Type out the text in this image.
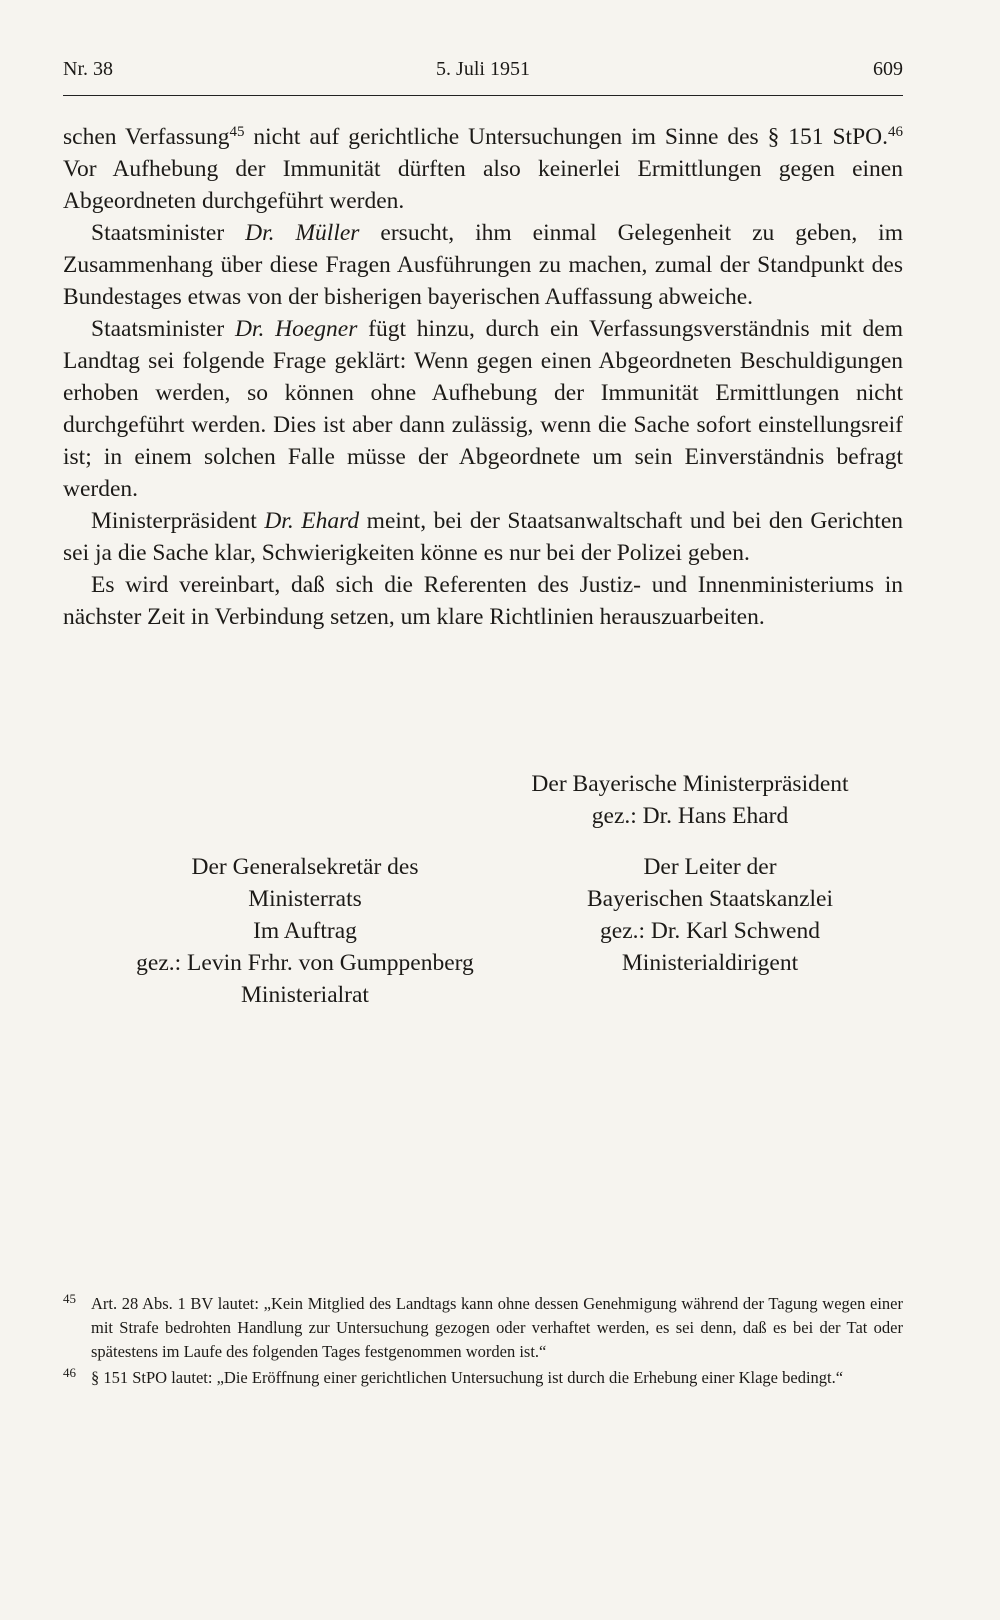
Nr. 38	5. Juli 1951	609

schen Verfassung$^{45}$ nicht auf gerichtliche Untersuchungen im Sinne des § 151 StPO.$^{46}$ Vor Aufhebung der Immunität dürften also keinerlei Ermittlungen gegen einen Abgeordneten durchgeführt werden.

Staatsminister Dr. Müller ersucht, ihm einmal Gelegenheit zu geben, im Zusammenhang über diese Fragen Ausführungen zu machen, zumal der Standpunkt des Bundestages etwas von der bisherigen bayerischen Auffassung abweiche.

Staatsminister Dr. Hoegner fügt hinzu, durch ein Verfassungsverständnis mit dem Landtag sei folgende Frage geklärt: Wenn gegen einen Abgeordneten Beschuldigungen erhoben werden, so können ohne Aufhebung der Immunität Ermittlungen nicht durchgeführt werden. Dies ist aber dann zulässig, wenn die Sache sofort einstellungsreif ist; in einem solchen Falle müsse der Abgeordnete um sein Einverständnis befragt werden.

Ministerpräsident Dr. Ehard meint, bei der Staatsanwaltschaft und bei den Gerichten sei ja die Sache klar, Schwierigkeiten könne es nur bei der Polizei geben.

Es wird vereinbart, daß sich die Referenten des Justiz- und Innenministeriums in nächster Zeit in Verbindung setzen, um klare Richtlinien herauszuarbeiten.

Der Bayerische Ministerpräsident
gez.: Dr. Hans Ehard
Der Generalsekretär des
Ministerrats
Im Auftrag
gez.: Levin Frhr. von Gumppenberg
Ministerialrat
Der Leiter der
Bayerischen Staatskanzlei
gez.: Dr. Karl Schwend
Ministerialdirigent
45 Art. 28 Abs. 1 BV lautet: „Kein Mitglied des Landtags kann ohne dessen Genehmigung während der Tagung wegen einer mit Strafe bedrohten Handlung zur Untersuchung gezogen oder verhaftet werden, es sei denn, daß es bei der Tat oder spätestens im Laufe des folgenden Tages festgenommen worden ist.“
46 § 151 StPO lautet: „Die Eröffnung einer gerichtlichen Untersuchung ist durch die Erhebung einer Klage bedingt.“
